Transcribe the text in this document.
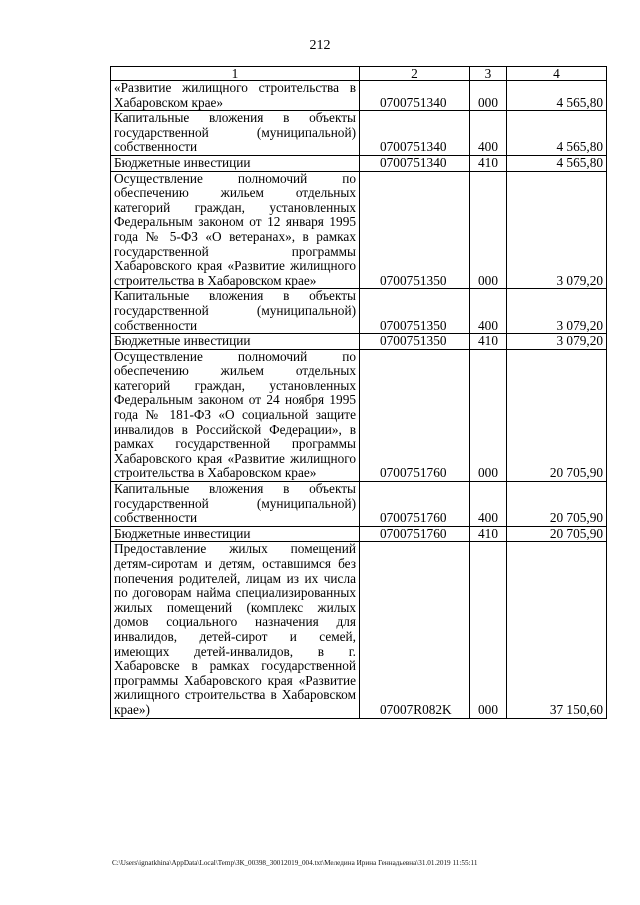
212
1	2	3	4
«Развитие жилищного строительства в Хабаровском крае»	0700751340	000	4 565,80
Капитальные вложения в объекты государственной (муниципальной) собственности	0700751340	400	4 565,80
Бюджетные инвестиции	0700751340	410	4 565,80
Осуществление полномочий по обеспечению жильем отдельных категорий граждан, установленных Федеральным законом от 12 января 1995 года № 5-ФЗ «О ветеранах», в рамках государственной программы Хабаровского края «Развитие жилищного строительства в Хабаровском крае»	0700751350	000	3 079,20
Капитальные вложения в объекты государственной (муниципальной) собственности	0700751350	400	3 079,20
Бюджетные инвестиции	0700751350	410	3 079,20
Осуществление полномочий по обеспечению жильем отдельных категорий граждан, установленных Федеральным законом от 24 ноября 1995 года № 181-ФЗ «О социальной защите инвалидов в Российской Федерации», в рамках государственной программы Хабаровского края «Развитие жилищного строительства в Хабаровском крае»	0700751760	000	20 705,90
Капитальные вложения в объекты государственной (муниципальной) собственности	0700751760	400	20 705,90
Бюджетные инвестиции	0700751760	410	20 705,90
Предоставление жилых помещений детям-сиротам и детям, оставшимся без попечения родителей, лицам из их числа по договорам найма специализированных жилых помещений (комплекс жилых домов социального назначения для инвалидов, детей-сирот и семей, имеющих детей-инвалидов, в г. Хабаровске в рамках государственной программы Хабаровского края «Развитие жилищного строительства в Хабаровском крае»)	07007R082K	000	37 150,60
C:\Users\ignatkhina\AppData\Local\Temp\ЗК_00398_30012019_004.txt\Меледина Ирина Геннадьевна\31.01.2019 11:55:11
